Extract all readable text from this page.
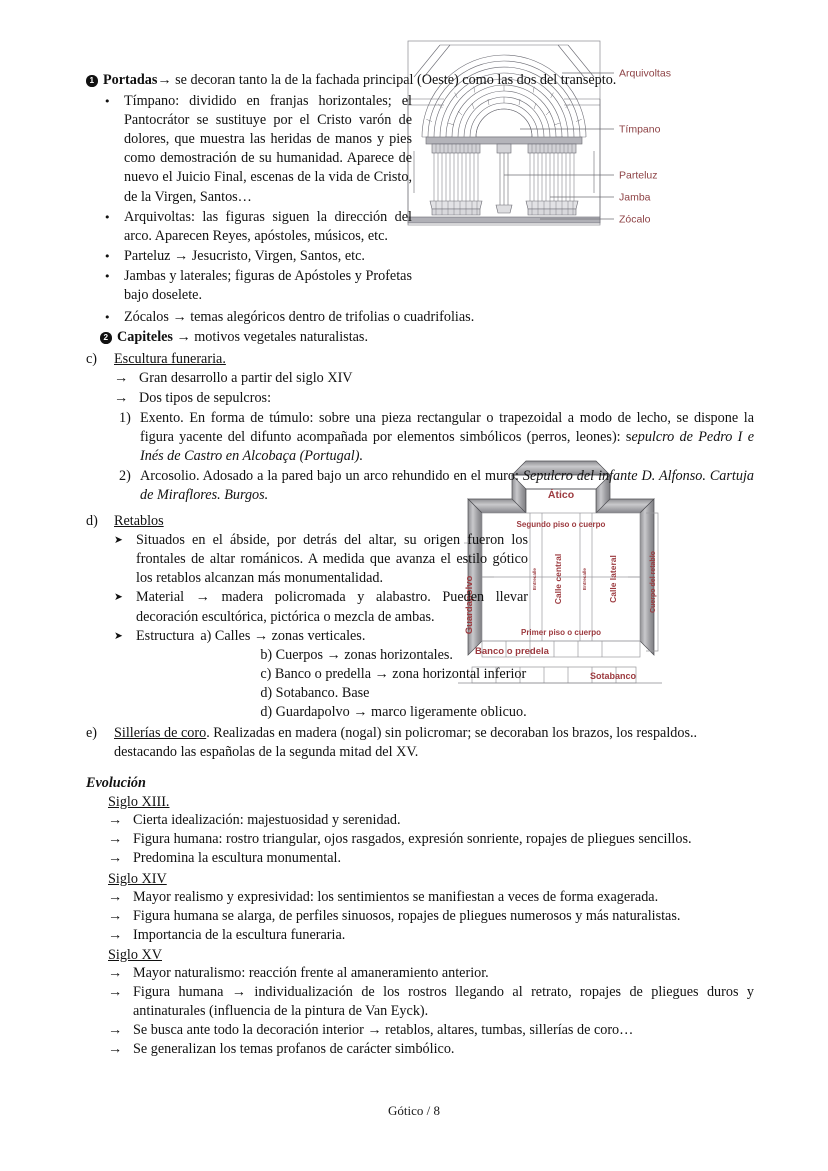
Arquivoltas
Tímpano
Parteluz
Jamba
Zócalo
Ático
Segundo piso o cuerpo
Primer piso o cuerpo
Guardapolvo	Cuerpo del retablo
Banco o predela
Sotabanco
Calle central	Calle lateral
Entrecalle	Entrecalle
1 Portadas→ se decoran tanto la de la fachada principal (Oeste) como las dos del transepto.
• Tímpano: dividido en franjas horizontales; el Pantocrátor se sustituye por el Cristo varón de dolores, que muestra las heridas de manos y pies como demostración de su humanidad. Aparece de nuevo el Juicio Final, escenas de la vida de Cristo, de la Virgen, Santos…
• Arquivoltas: las figuras siguen la dirección del arco. Aparecen Reyes, apóstoles, músicos, etc.
• Parteluz → Jesucristo, Virgen, Santos, etc.
• Jambas y laterales; figuras de Apóstoles y Profetas bajo doselete.
• Zócalos → temas alegóricos dentro de trifolias o cuadrifolias.
2 Capiteles → motivos vegetales naturalistas.
c)	Escultura funeraria.
→ Gran desarrollo a partir del siglo XIV
→ Dos tipos de sepulcros:
1) Exento. En forma de túmulo: sobre una pieza rectangular o trapezoidal a modo de lecho, se dispone la figura yacente del difunto acompañada por elementos simbólicos (perros, leones): sepulcro de Pedro I e Inés de Castro en Alcobaça (Portugal).
2) Arcosolio. Adosado a la pared bajo un arco rehundido en el muro: Sepulcro del infante D. Alfonso. Cartuja de Miraflores. Burgos.
d)	Retablos
➤ Situados en el ábside, por detrás del altar, su origen fueron los frontales de altar románicos. A medida que avanza el estilo gótico los retablos alcanzan más monumentalidad.
➤ Material → madera policromada y alabastro. Pueden llevar decoración escultórica, pictórica o mezcla de ambas.
➤ Estructura a) Calles → zonas verticales.
b) Cuerpos → zonas horizontales.
c) Banco o predella → zona horizontal inferior
d) Sotabanco. Base
d) Guardapolvo → marco ligeramente oblicuo.
e)	Sillerías de coro. Realizadas en madera (nogal) sin policromar; se decoraban los brazos, los respaldos.. destacando las españolas de la segunda mitad del XV.
Evolución
Siglo XIII.
→ Cierta idealización: majestuosidad y serenidad.
→ Figura humana: rostro triangular, ojos rasgados, expresión sonriente, ropajes de pliegues sencillos.
→ Predomina la escultura monumental.
Siglo XIV
→ Mayor realismo y expresividad: los sentimientos se manifiestan a veces de forma exagerada.
→ Figura humana se alarga, de perfiles sinuosos, ropajes de pliegues numerosos y más naturalistas.
→ Importancia de la escultura funeraria.
Siglo XV
→ Mayor naturalismo: reacción frente al amaneramiento anterior.
→ Figura humana → individualización de los rostros llegando al retrato, ropajes de pliegues duros y antinaturales (influencia de la pintura de Van Eyck).
→ Se busca ante todo la decoración interior → retablos, altares, tumbas, sillerías de coro…
→ Se generalizan los temas profanos de carácter simbólico.
Gótico / 8
